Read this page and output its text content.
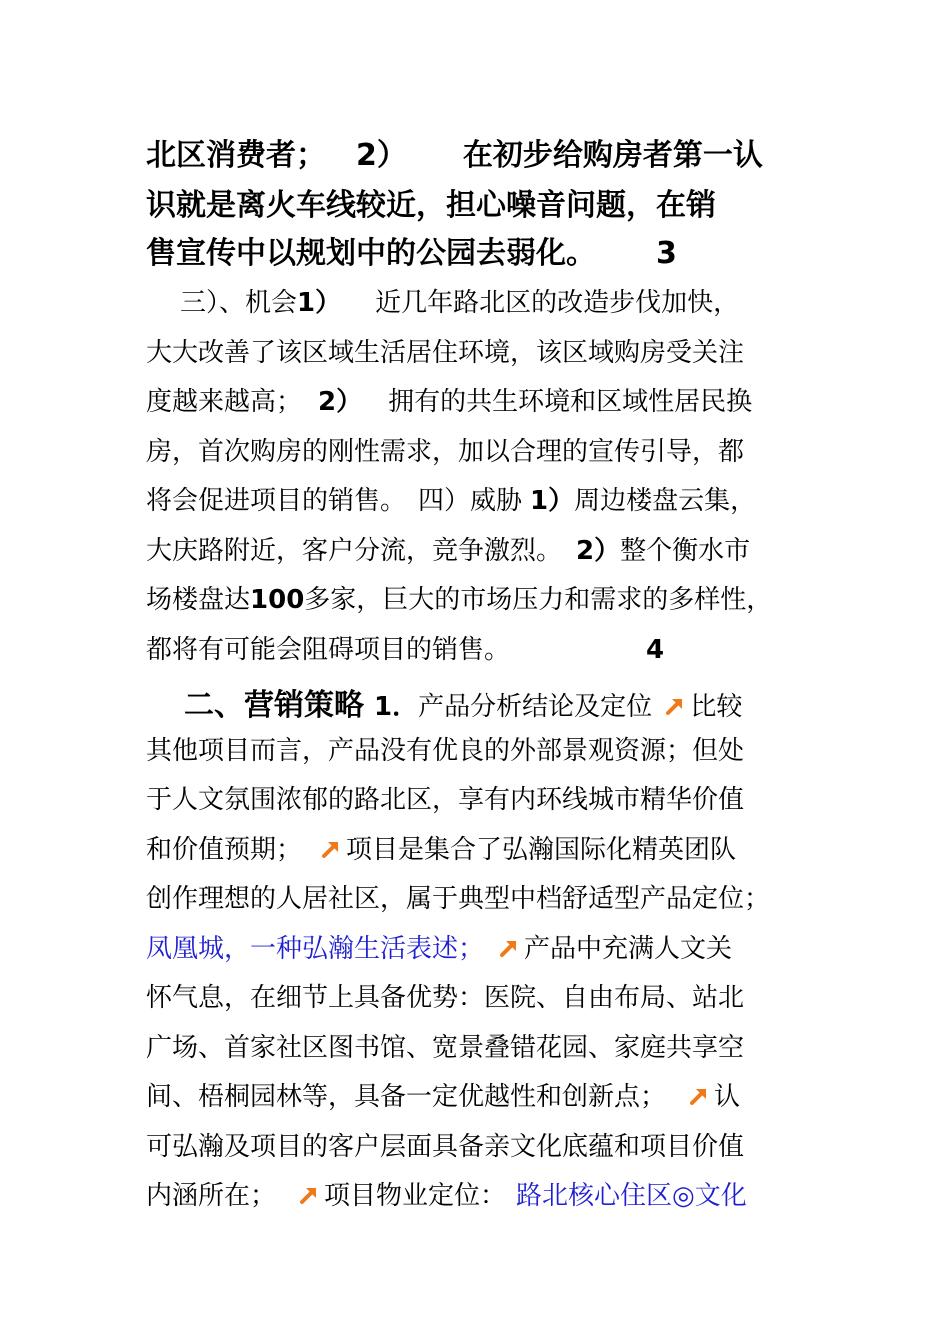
北区消费者； 2） 在初步给购房者第一认
识就是离火车线较近，担心噪音问题，在销
售宣传中以规划中的公园去弱化。 3
三）、机会1） 近几年路北区的改造步伐加快，
大大改善了该区域生活居住环境，该区域购房受关注
度越来越高； 2） 拥有的共生环境和区域性居民换
房，首次购房的刚性需求，加以合理的宣传引导，都
将会促进项目的销售。 四）威胁 1）周边楼盘云集，
大庆路附近，客户分流，竞争激烈。 2）整个衡水市
场楼盘达100多家，巨大的市场压力和需求的多样性，
都将有可能会阻碍项目的销售。	4
二、营销策略 1．产品分析结论及定位 比较
其他项目而言，产品没有优良的外部景观资源；但处
于人文氛围浓郁的路北区，享有内环线城市精华价值
和价值预期； 项目是集合了弘瀚国际化精英团队
创作理想的人居社区，属于典型中档舒适型产品定位；
凤凰城，一种弘瀚生活表述； 产品中充满人文关
怀气息，在细节上具备优势：医院、自由布局、站北
广场、首家社区图书馆、宽景叠错花园、家庭共享空
间、梧桐园林等，具备一定优越性和创新点； 认
可弘瀚及项目的客户层面具备亲文化底蕴和项目价值
内涵所在； 项目物业定位： 路北核心住区◎文化
